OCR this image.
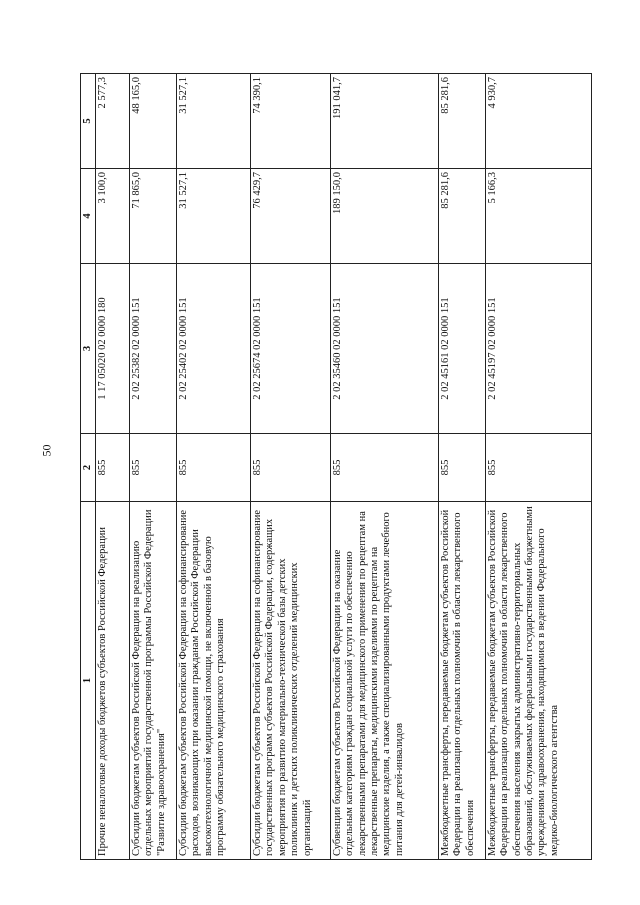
50
1	2	3	4	5
Прочие неналоговые доходы бюджетов субъектов Российской Федерации	855	1 17 05020 02 0000 180	3 100,0	2 577,3
Субсидии бюджетам субъектов Российской Федерации на реализацию отдельных мероприятий государственной программы Российской Федерации "Развитие здравоохранения"	855	2 02 25382 02 0000 151	71 865,0	48 165,0
Субсидии бюджетам субъектов Российской Федерации на софинансирование расходов, возникающих при оказании гражданам Российской Федерации высокотехнологичной медицинской помощи, не включенной в базовую программу обязательного медицинского страхования	855	2 02 25402 02 0000 151	31 527,1	31 527,1
Субсидии бюджетам субъектов Российской Федерации на софинансирование государственных программ субъектов Российской Федерации, содержащих мероприятия по развитию материально-технической базы детских поликлиник и детских поликлинических отделений медицинских организаций	855	2 02 25674 02 0000 151	76 429,7	74 390,1
Субвенции бюджетам субъектов Российской Федерации на оказание отдельным категориям граждан социальной услуги по обеспечению лекарственными препаратами для медицинского применения по рецептам на лекарственные препараты, медицинскими изделиями по рецептам на медицинские изделия, а также специализированными продуктами лечебного питания для детей-инвалидов	855	2 02 35460 02 0000 151	189 150,0	191 041,7
Межбюджетные трансферты, передаваемые бюджетам субъектов Российской Федерации на реализацию отдельных полномочий в области лекарственного обеспечения	855	2 02 45161 02 0000 151	85 281,6	85 281,6
Межбюджетные трансферты, передаваемые бюджетам субъектов Российской Федерации на реализацию отдельных полномочий в области лекарственного обеспечения населения закрытых административно-территориальных образований, обслуживаемых федеральными государственными бюджетными учреждениями здравоохранения, находящимися в ведении Федерального медико-биологического агентства	855	2 02 45197 02 0000 151	5 166,3	4 930,7
